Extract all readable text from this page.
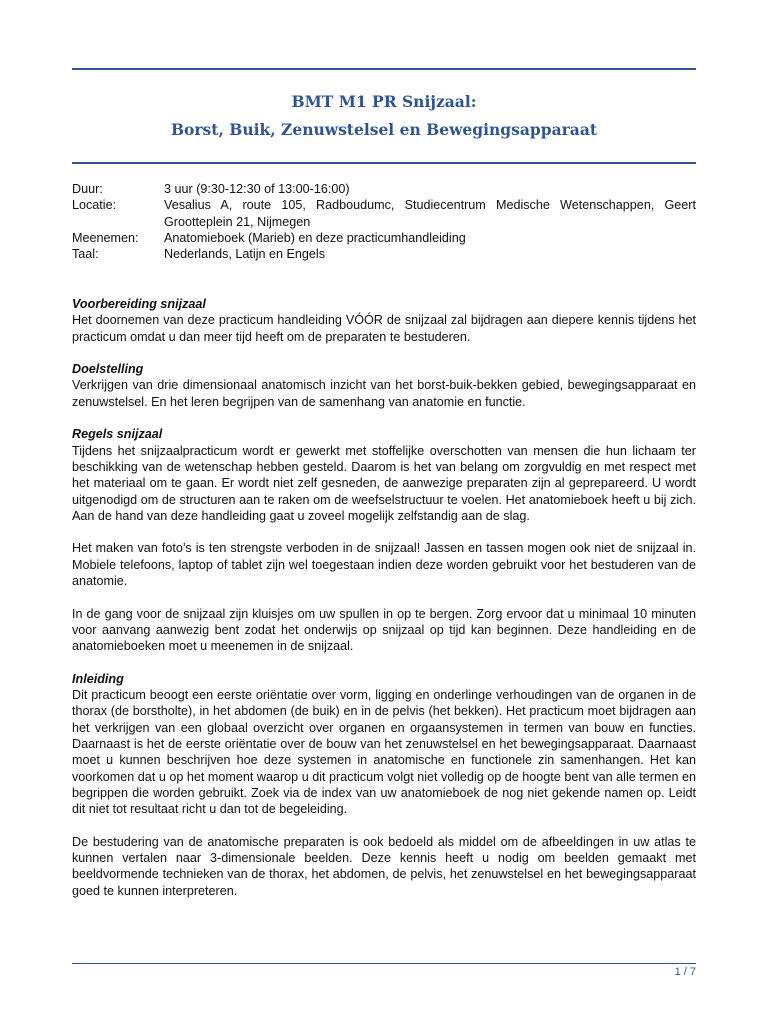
BMT M1 PR Snijzaal:
Borst, Buik, Zenuwstelsel en Bewegingsapparaat
Duur:	3 uur (9:30-12:30 of 13:00-16:00)
Locatie:	Vesalius A, route 105, Radboudumc, Studiecentrum Medische Wetenschappen, Geert Grootteplein 21, Nijmegen
Meenemen:	Anatomieboek (Marieb) en deze practicumhandleiding
Taal:	Nederlands, Latijn en Engels

Voorbereiding snijzaal

Het doornemen van deze practicum handleiding VÓÓR de snijzaal zal bijdragen aan diepere kennis tijdens het practicum omdat u dan meer tijd heeft om de preparaten te bestuderen.

Doelstelling

Verkrijgen van drie dimensionaal anatomisch inzicht van het borst-buik-bekken gebied, bewegingsapparaat en zenuwstelsel. En het leren begrijpen van de samenhang van anatomie en functie.

Regels snijzaal

Tijdens het snijzaalpracticum wordt er gewerkt met stoffelijke overschotten van mensen die hun lichaam ter beschikking van de wetenschap hebben gesteld. Daarom is het van belang om zorgvuldig en met respect met het materiaal om te gaan. Er wordt niet zelf gesneden, de aanwezige preparaten zijn al geprepareerd. U wordt uitgenodigd om de structuren aan te raken om de weefselstructuur te voelen. Het anatomieboek heeft u bij zich. Aan de hand van deze handleiding gaat u zoveel mogelijk zelfstandig aan de slag.

Het maken van foto’s is ten strengste verboden in de snijzaal! Jassen en tassen mogen ook niet de snijzaal in. Mobiele telefoons, laptop of tablet zijn wel toegestaan indien deze worden gebruikt voor het bestuderen van de anatomie.

In de gang voor de snijzaal zijn kluisjes om uw spullen in op te bergen. Zorg ervoor dat u minimaal 10 minuten voor aanvang aanwezig bent zodat het onderwijs op snijzaal op tijd kan beginnen. Deze handleiding en de anatomieboeken moet u meenemen in de snijzaal.

Inleiding

Dit practicum beoogt een eerste oriëntatie over vorm, ligging en onderlinge verhoudingen van de organen in de thorax (de borstholte), in het abdomen (de buik) en in de pelvis (het bekken). Het practicum moet bijdragen aan het verkrijgen van een globaal overzicht over organen en orgaansystemen in termen van bouw en functies. Daarnaast is het de eerste oriëntatie over de bouw van het zenuwstelsel en het bewegingsapparaat. Daarnaast moet u kunnen beschrijven hoe deze systemen in anatomische en functionele zin samenhangen. Het kan voorkomen dat u op het moment waarop u dit practicum volgt niet volledig op de hoogte bent van alle termen en begrippen die worden gebruikt. Zoek via de index van uw anatomieboek de nog niet gekende namen op. Leidt dit niet tot resultaat richt u dan tot de begeleiding.

De bestudering van de anatomische preparaten is ook bedoeld als middel om de afbeeldingen in uw atlas te kunnen vertalen naar 3-dimensionale beelden. Deze kennis heeft u nodig om beelden gemaakt met beeldvormende technieken van de thorax, het abdomen, de pelvis, het zenuwstelsel en het bewegingsapparaat goed te kunnen interpreteren.

1 / 7
